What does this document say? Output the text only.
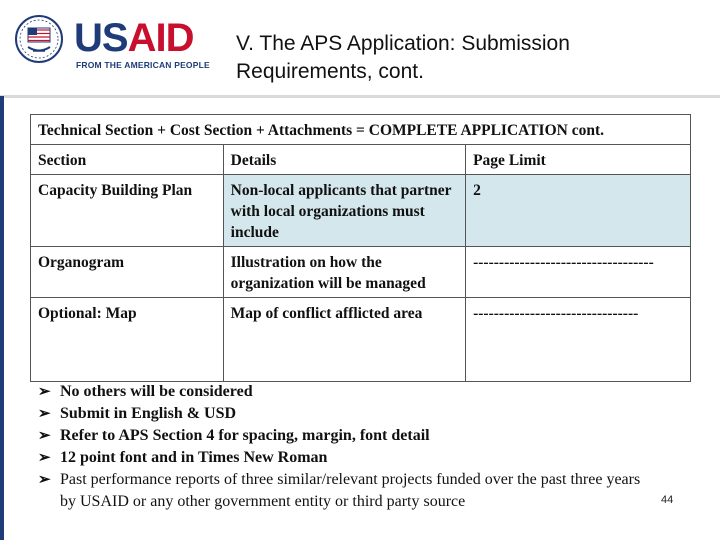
USAID
FROM THE AMERICAN PEOPLE
V. The APS Application: Submission Requirements, cont.
Technical Section + Cost Section + Attachments = COMPLETE APPLICATION cont.		
Section	Details	Page Limit
Capacity Building Plan	Non-local applicants that partner with local organizations must include	2
Organogram	Illustration on how the organization will be managed	-----------------------------------
Optional: Map	Map of conflict afflicted area	--------------------------------
➢ No others will be considered
➢ Submit in English & USD
➢ Refer to APS Section 4 for spacing, margin, font detail
➢ 12 point font and in Times New Roman
➢ Past performance reports of three similar/relevant projects funded over the past three years by USAID or any other government entity or third party source	44
